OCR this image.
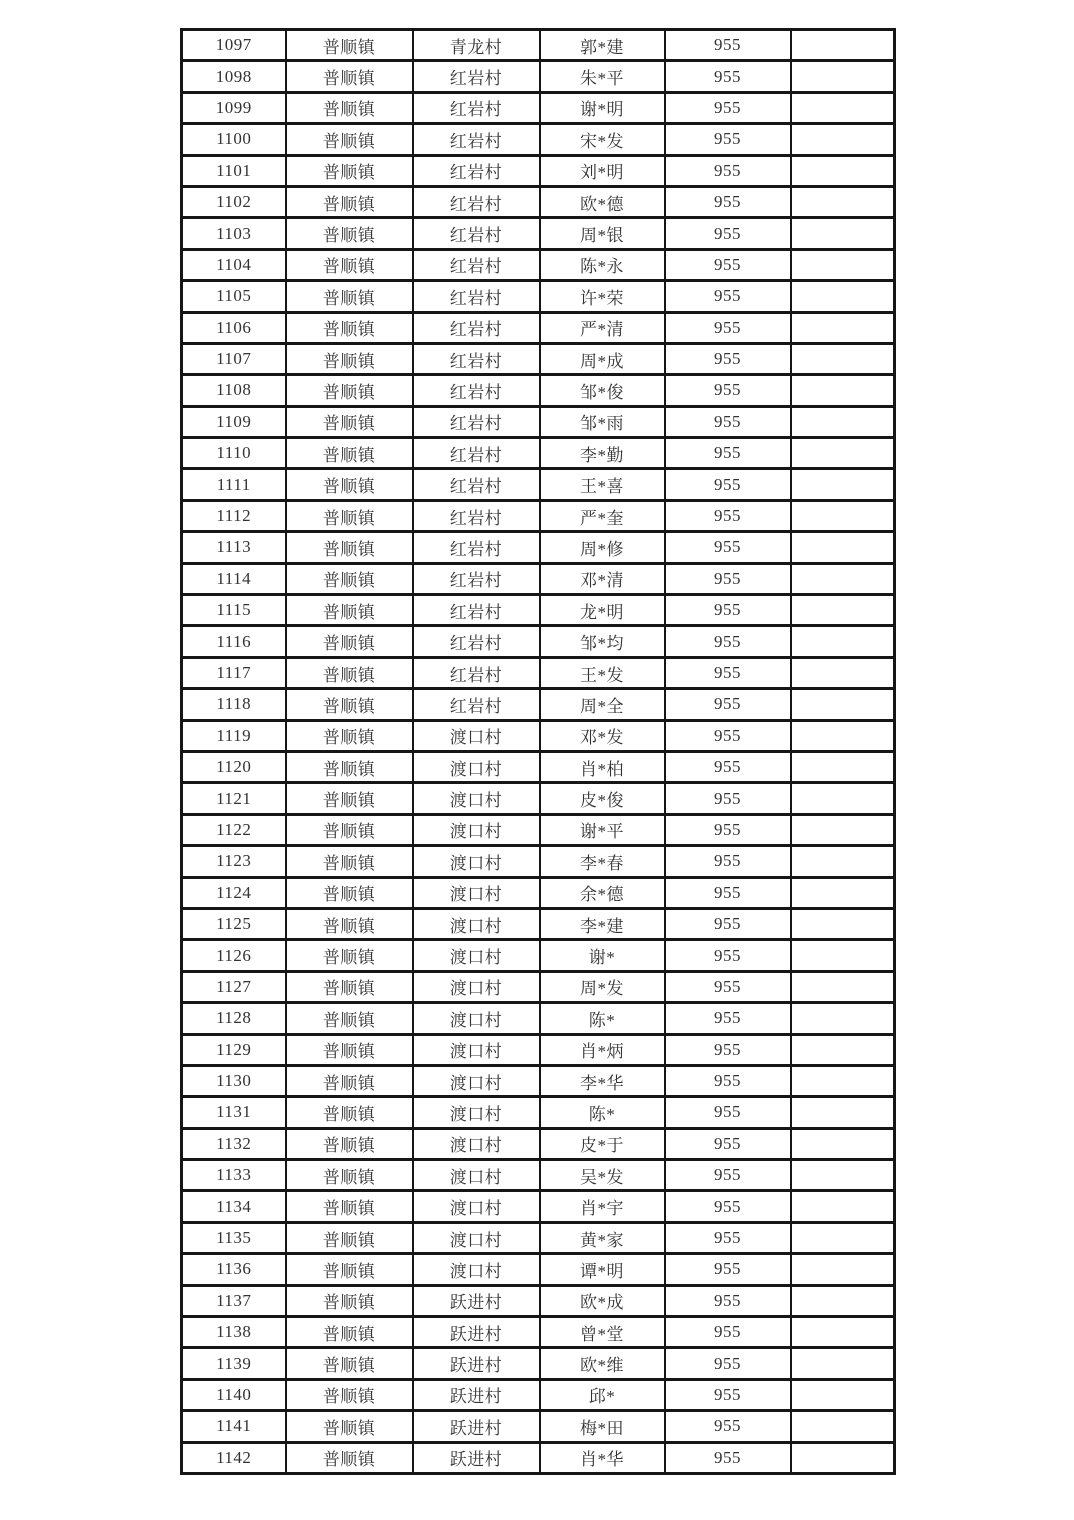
1097	普顺镇	青龙村	郭*建	955	
1098	普顺镇	红岩村	朱*平	955	
1099	普顺镇	红岩村	谢*明	955	
1100	普顺镇	红岩村	宋*发	955	
1101	普顺镇	红岩村	刘*明	955	
1102	普顺镇	红岩村	欧*德	955	
1103	普顺镇	红岩村	周*银	955	
1104	普顺镇	红岩村	陈*永	955	
1105	普顺镇	红岩村	许*荣	955	
1106	普顺镇	红岩村	严*清	955	
1107	普顺镇	红岩村	周*成	955	
1108	普顺镇	红岩村	邹*俊	955	
1109	普顺镇	红岩村	邹*雨	955	
1110	普顺镇	红岩村	李*勤	955	
1111	普顺镇	红岩村	王*喜	955	
1112	普顺镇	红岩村	严*奎	955	
1113	普顺镇	红岩村	周*修	955	
1114	普顺镇	红岩村	邓*清	955	
1115	普顺镇	红岩村	龙*明	955	
1116	普顺镇	红岩村	邹*均	955	
1117	普顺镇	红岩村	王*发	955	
1118	普顺镇	红岩村	周*全	955	
1119	普顺镇	渡口村	邓*发	955	
1120	普顺镇	渡口村	肖*柏	955	
1121	普顺镇	渡口村	皮*俊	955	
1122	普顺镇	渡口村	谢*平	955	
1123	普顺镇	渡口村	李*春	955	
1124	普顺镇	渡口村	余*德	955	
1125	普顺镇	渡口村	李*建	955	
1126	普顺镇	渡口村	谢*	955	
1127	普顺镇	渡口村	周*发	955	
1128	普顺镇	渡口村	陈*	955	
1129	普顺镇	渡口村	肖*炳	955	
1130	普顺镇	渡口村	李*华	955	
1131	普顺镇	渡口村	陈*	955	
1132	普顺镇	渡口村	皮*于	955	
1133	普顺镇	渡口村	吴*发	955	
1134	普顺镇	渡口村	肖*宇	955	
1135	普顺镇	渡口村	黄*家	955	
1136	普顺镇	渡口村	谭*明	955	
1137	普顺镇	跃进村	欧*成	955	
1138	普顺镇	跃进村	曾*堂	955	
1139	普顺镇	跃进村	欧*维	955	
1140	普顺镇	跃进村	邱*	955	
1141	普顺镇	跃进村	梅*田	955	
1142	普顺镇	跃进村	肖*华	955	
